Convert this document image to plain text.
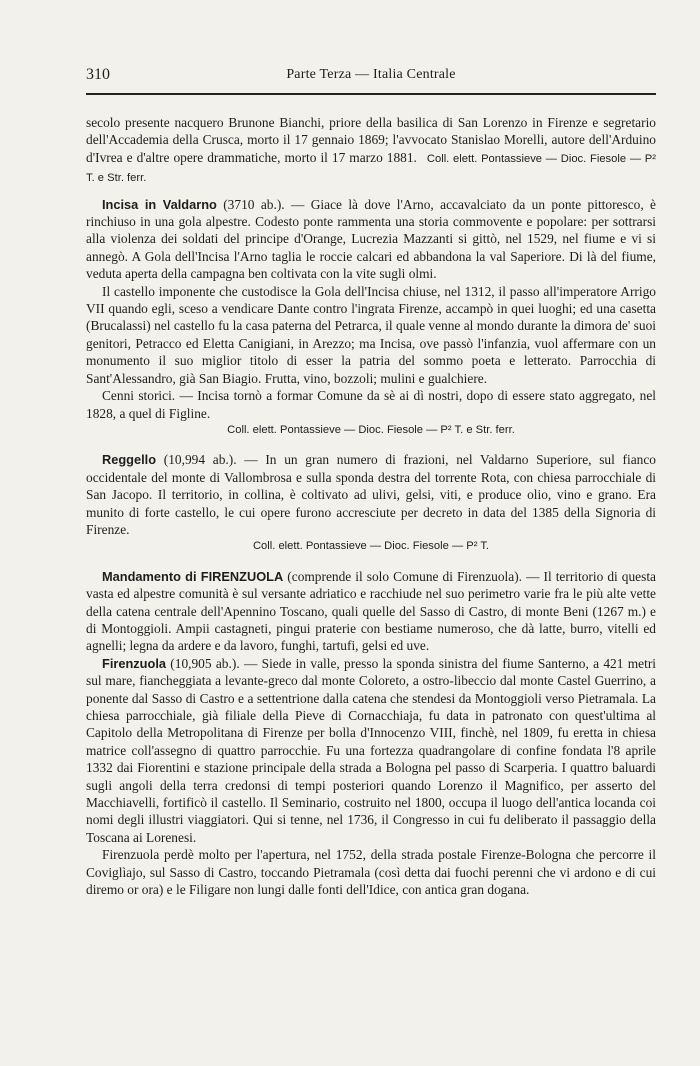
310	Parte Terza — Italia Centrale

secolo presente nacquero Brunone Bianchi, priore della basilica di San Lorenzo in Firenze e segretario dell'Accademia della Crusca, morto il 17 gennaio 1869; l'avvocato Stanislao Morelli, autore dell'Arduino d'Ivrea e d'altre opere drammatiche, morto il 17 marzo 1881. Coll. elett. Pontassieve — Dioc. Fiesole — P² T. e Str. ferr.

Incisa in Valdarno (3710 ab.). — Giace là dove l'Arno, accavalciato da un ponte pittoresco, è rinchiuso in una gola alpestre. Codesto ponte rammenta una storia commovente e popolare: per sottrarsi alla violenza dei soldati del principe d'Orange, Lucrezia Mazzanti si gittò, nel 1529, nel fiume e vi si annegò. A Gola dell'Incisa l'Arno taglia le roccie calcari ed abbandona la val Saperiore. Di là del fiume, veduta aperta della campagna ben coltivata con la vite sugli olmi.

Il castello imponente che custodisce la Gola dell'Incisa chiuse, nel 1312, il passo all'imperatore Arrigo VII quando egli, sceso a vendicare Dante contro l'ingrata Firenze, accampò in quei luoghi; ed una casetta (Brucalassi) nel castello fu la casa paterna del Petrarca, il quale venne al mondo durante la dimora de' suoi genitori, Petracco ed Eletta Canigiani, in Arezzo; ma Incisa, ove passò l'infanzia, vuol affermare con un monumento il suo miglior titolo di esser la patria del sommo poeta e letterato. Parrocchia di Sant'Alessandro, già San Biagio. Frutta, vino, bozzoli; mulini e gualchiere.

Cenni storici. — Incisa tornò a formar Comune da sè ai dì nostri, dopo di essere stato aggregato, nel 1828, a quel di Figline.

Coll. elett. Pontassieve — Dioc. Fiesole — P² T. e Str. ferr.

Reggello (10,994 ab.). — In un gran numero di frazioni, nel Valdarno Superiore, sul fianco occidentale del monte di Vallombrosa e sulla sponda destra del torrente Rota, con chiesa parrocchiale di San Jacopo. Il territorio, in collina, è coltivato ad ulivi, gelsi, viti, e produce olio, vino e grano. Era munito di forte castello, le cui opere furono accresciute per decreto in data del 1385 della Signoria di Firenze.

Coll. elett. Pontassieve — Dioc. Fiesole — P² T.

Mandamento di FIRENZUOLA (comprende il solo Comune di Firenzuola). — Il territorio di questa vasta ed alpestre comunità è sul versante adriatico e racchiude nel suo perimetro varie fra le più alte vette della catena centrale dell'Apennino Toscano, quali quelle del Sasso di Castro, di monte Beni (1267 m.) e di Montoggioli. Ampii castagneti, pingui praterie con bestiame numeroso, che dà latte, burro, vitelli ed agnelli; legna da ardere e da lavoro, funghi, tartufi, gelsi ed uve.

Firenzuola (10,905 ab.). — Siede in valle, presso la sponda sinistra del fiume Santerno, a 421 metri sul mare, fiancheggiata a levante-greco dal monte Coloreto, a ostro-libeccio dal monte Castel Guerrino, a ponente dal Sasso di Castro e a settentrione dalla catena che stendesi da Montoggioli verso Pietramala. La chiesa parrocchiale, già filiale della Pieve di Cornacchiaja, fu data in patronato con quest'ultima al Capitolo della Metropolitana di Firenze per bolla d'Innocenzo VIII, finchè, nel 1809, fu eretta in chiesa matrice coll'assegno di quattro parrocchie. Fu una fortezza quadrangolare di confine fondata l'8 aprile 1332 dai Fiorentini e stazione principale della strada a Bologna pel passo di Scarperia. I quattro baluardi sugli angoli della terra credonsi di tempi posteriori quando Lorenzo il Magnifico, per asserto del Macchiavelli, fortificò il castello. Il Seminario, costruito nel 1800, occupa il luogo dell'antica locanda coi nomi degli illustri viaggiatori. Qui si tenne, nel 1736, il Congresso in cui fu deliberato il passaggio della Toscana ai Lorenesi.

Firenzuola perdè molto per l'apertura, nel 1752, della strada postale Firenze-Bologna che percorre il Coviglìajo, sul Sasso di Castro, toccando Pietramala (così detta dai fuochi perenni che vi ardono e di cui diremo or ora) e le Filigare non lungi dalle fonti dell'Idice, con antica gran dogana.
